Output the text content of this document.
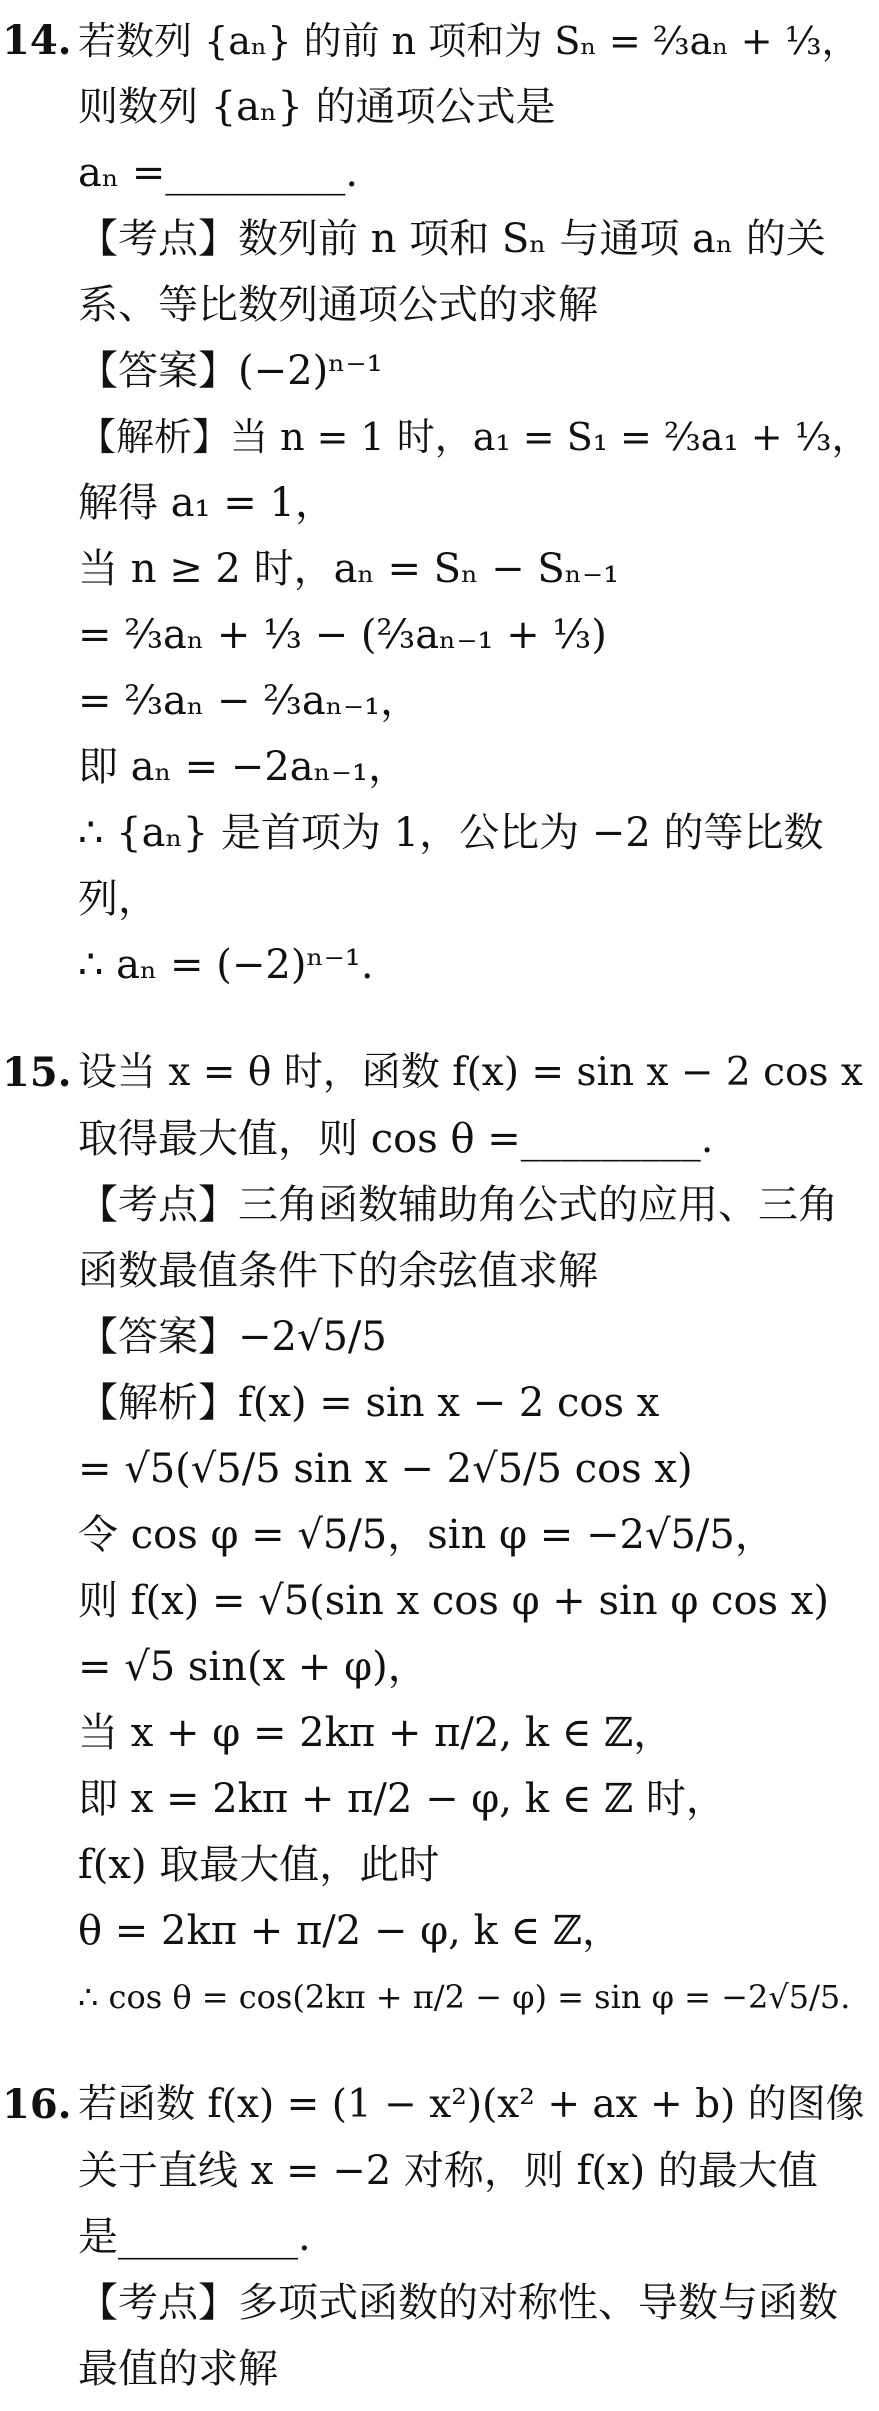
14. 若数列 {aₙ} 的前 n 项和为 Sₙ = ⅔aₙ + ⅓，
则数列 {aₙ} 的通项公式是
aₙ =_________.
【考点】数列前 n 项和 Sₙ 与通项 aₙ 的关
系、等比数列通项公式的求解
【答案】(−2)ⁿ⁻¹
【解析】当 n = 1 时，a₁ = S₁ = ⅔a₁ + ⅓，
解得 a₁ = 1，
当 n ≥ 2 时，aₙ = Sₙ − Sₙ₋₁
= ⅔aₙ + ⅓ − (⅔aₙ₋₁ + ⅓)
= ⅔aₙ − ⅔aₙ₋₁，
即 aₙ = −2aₙ₋₁，
∴ {aₙ} 是首项为 1，公比为 −2 的等比数
列，
∴ aₙ = (−2)ⁿ⁻¹.
15. 设当 x = θ 时，函数 f(x) = sin x − 2 cos x
取得最大值，则 cos θ =_________.
【考点】三角函数辅助角公式的应用、三角
函数最值条件下的余弦值求解
【答案】−2√5/5
【解析】f(x) = sin x − 2 cos x
= √5(√5/5 sin x − 2√5/5 cos x)
令 cos φ = √5/5，sin φ = −2√5/5，
则 f(x) = √5(sin x cos φ + sin φ cos x)
= √5 sin(x + φ)，
当 x + φ = 2kπ + π/2, k ∈ ℤ，
即 x = 2kπ + π/2 − φ, k ∈ ℤ 时，
f(x) 取最大值，此时
θ = 2kπ + π/2 − φ, k ∈ ℤ，
∴ cos θ = cos(2kπ + π/2 − φ) = sin φ = −2√5/5.
16. 若函数 f(x) = (1 − x²)(x² + ax + b) 的图像
关于直线 x = −2 对称，则 f(x) 的最大值
是_________.
【考点】多项式函数的对称性、导数与函数
最值的求解
